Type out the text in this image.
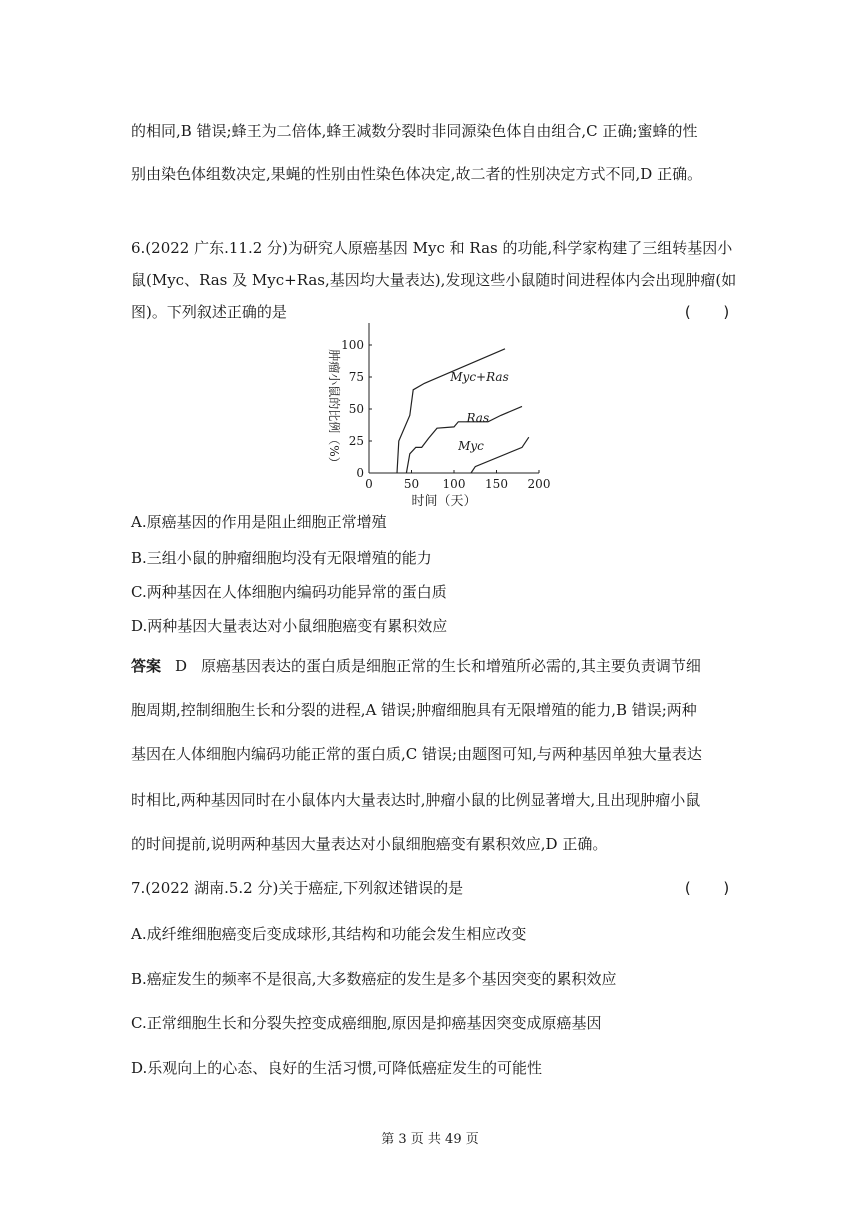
的相同,B 错误;蜂王为二倍体,蜂王减数分裂时非同源染色体自由组合,C 正确;蜜蜂的性
别由染色体组数决定,果蝇的性别由性染色体决定,故二者的性别决定方式不同,D 正确。
6.(2022 广东.11.2 分)为研究人原癌基因 Myc 和 Ras 的功能,科学家构建了三组转基因小
鼠(Myc、Ras 及 Myc+Ras,基因均大量表达),发现这些小鼠随时间进程体内会出现肿瘤(如
图)。下列叙述正确的是	(　　)
0	50 100 150 200
0
25
50
75
100
Myc+Ras
Ras
Myc
时间（天）
肿瘤小鼠的比例（%）
A.原癌基因的作用是阻止细胞正常增殖
B.三组小鼠的肿瘤细胞均没有无限增殖的能力
C.两种基因在人体细胞内编码功能异常的蛋白质
D.两种基因大量表达对小鼠细胞癌变有累积效应
答案 D 原癌基因表达的蛋白质是细胞正常的生长和增殖所必需的,其主要负责调节细
胞周期,控制细胞生长和分裂的进程,A 错误;肿瘤细胞具有无限增殖的能力,B 错误;两种
基因在人体细胞内编码功能正常的蛋白质,C 错误;由题图可知,与两种基因单独大量表达
时相比,两种基因同时在小鼠体内大量表达时,肿瘤小鼠的比例显著增大,且出现肿瘤小鼠
的时间提前,说明两种基因大量表达对小鼠细胞癌变有累积效应,D 正确。
7.(2022 湖南.5.2 分)关于癌症,下列叙述错误的是	(　　)
A.成纤维细胞癌变后变成球形,其结构和功能会发生相应改变
B.癌症发生的频率不是很高,大多数癌症的发生是多个基因突变的累积效应
C.正常细胞生长和分裂失控变成癌细胞,原因是抑癌基因突变成原癌基因
D.乐观向上的心态、良好的生活习惯,可降低癌症发生的可能性
第 3 页 共 49 页
